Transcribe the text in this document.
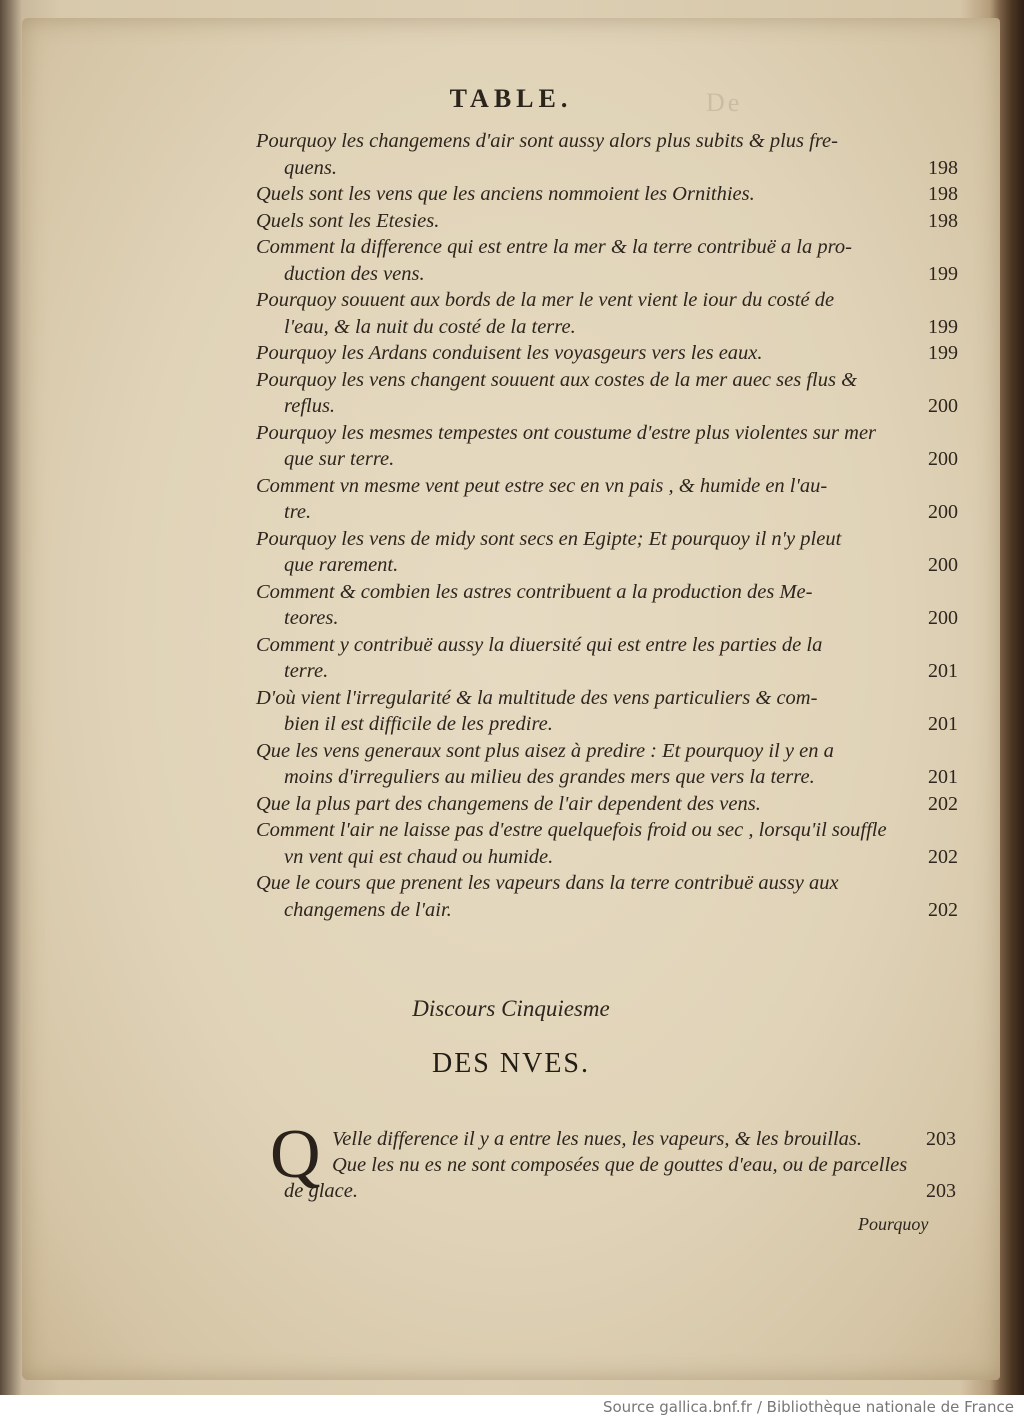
De
TABLE.
Pourquoy les changemens d'air sont aussy alors plus subits & plus fre-
quens.	198
Quels sont les vens que les anciens nommoient les Ornithies.	198
Quels sont les Etesies.	198
Comment la difference qui est entre la mer & la terre contribuë a la pro-
duction des vens.	199
Pourquoy souuent aux bords de la mer le vent vient le iour du costé de
l'eau, & la nuit du costé de la terre.	199
Pourquoy les Ardans conduisent les voyasgeurs vers les eaux.	199
Pourquoy les vens changent souuent aux costes de la mer auec ses flus &
reflus.	200
Pourquoy les mesmes tempestes ont coustume d'estre plus violentes sur mer
que sur terre.	200
Comment vn mesme vent peut estre sec en vn pais , & humide en l'au-
tre.	200
Pourquoy les vens de midy sont secs en Egipte; Et pourquoy il n'y pleut
que rarement.	200
Comment & combien les astres contribuent a la production des Me-
teores.	200
Comment y contribuë aussy la diuersité qui est entre les parties de la
terre.	201
D'où vient l'irregularité & la multitude des vens particuliers & com-
bien il est difficile de les predire.	201
Que les vens generaux sont plus aisez à predire : Et pourquoy il y en a
moins d'irreguliers au milieu des grandes mers que vers la terre.	201
Que la plus part des changemens de l'air dependent des vens.	202
Comment l'air ne laisse pas d'estre quelquefois froid ou sec , lorsqu'il souffle
vn vent qui est chaud ou humide.	202
Que le cours que prenent les vapeurs dans la terre contribuë aussy aux
changemens de l'air.	202
Discours Cinquiesme
DES NVES.
Q Velle difference il y a entre les nues, les vapeurs, & les brouillas.	203
Que les nu es ne sont composées que de gouttes d'eau, ou de parcelles
de glace.	203
Pourquoy
Source gallica.bnf.fr / Bibliothèque nationale de France
